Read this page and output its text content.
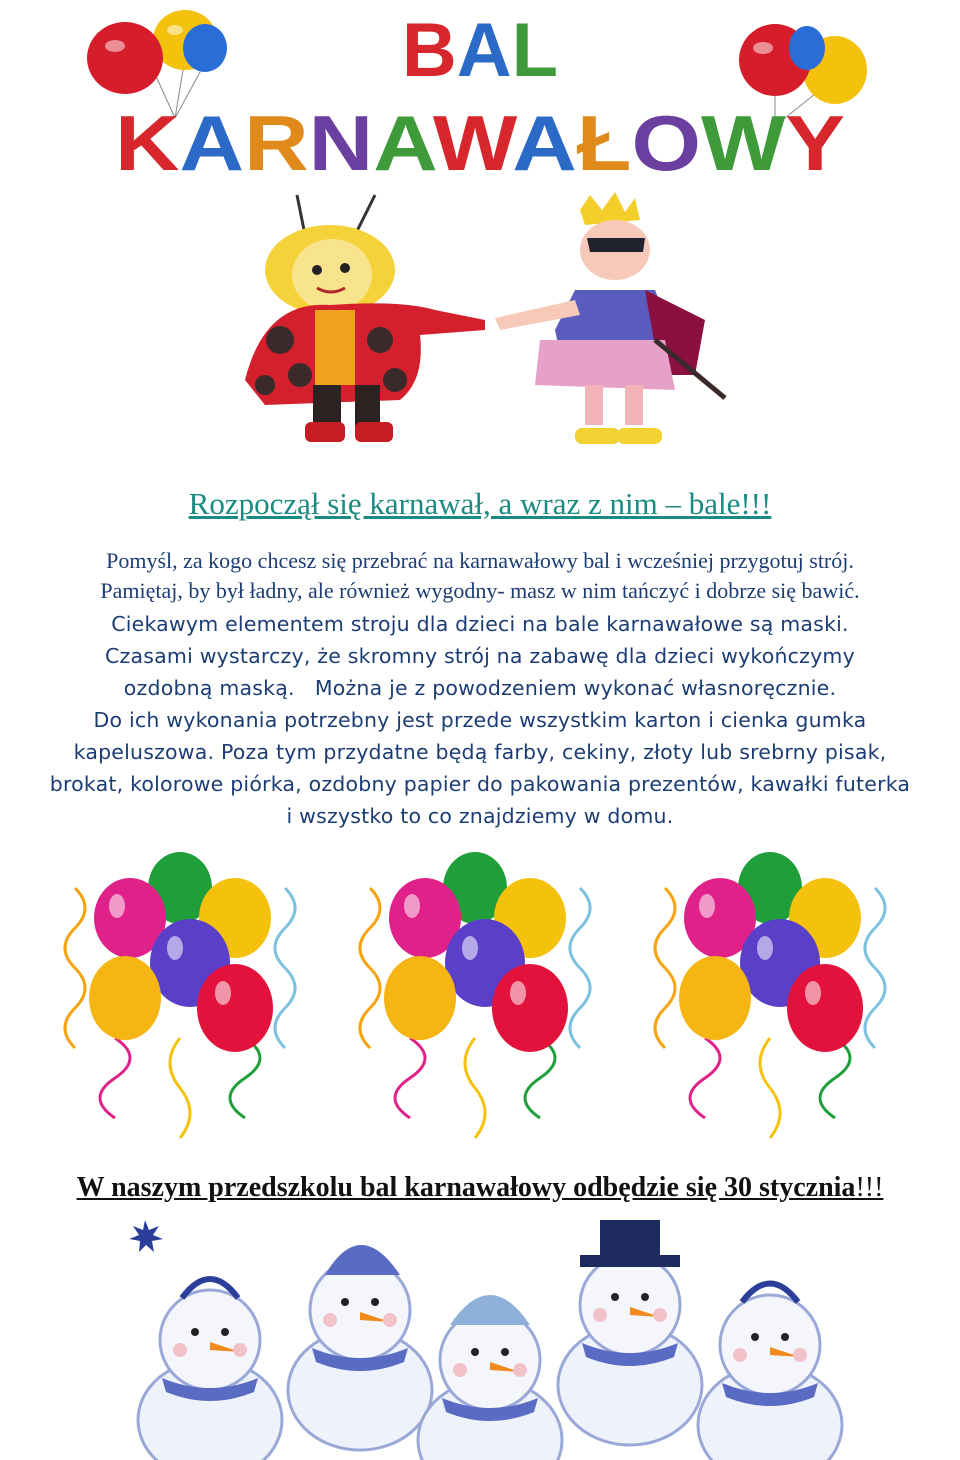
BAL
K A R N AW A ŁO W Y
Rozpoczął się karnawał, a wraz z nim – bale!!!
Pomyśl, za kogo chcesz się przebrać na karnawałowy bal i wcześniej przygotuj strój.
Pamiętaj, by był ładny, ale również wygodny- masz w nim tańczyć i dobrze się bawić.
Ciekawym elementem stroju dla dzieci na bale karnawałowe są maski.
Czasami wystarczy, że skromny strój na zabawę dla dzieci wykończymy
ozdobną maską.   Można je z powodzeniem wykonać własnoręcznie.
Do ich wykonania potrzebny jest przede wszystkim karton i cienka gumka
kapeluszowa. Poza tym przydatne będą farby, cekiny, złoty lub srebrny pisak,
brokat, kolorowe piórka, ozdobny papier do pakowania prezentów, kawałki futerka
i wszystko to co znajdziemy w domu.
W naszym przedszkolu bal karnawałowy odbędzie się 30 stycznia!!!
